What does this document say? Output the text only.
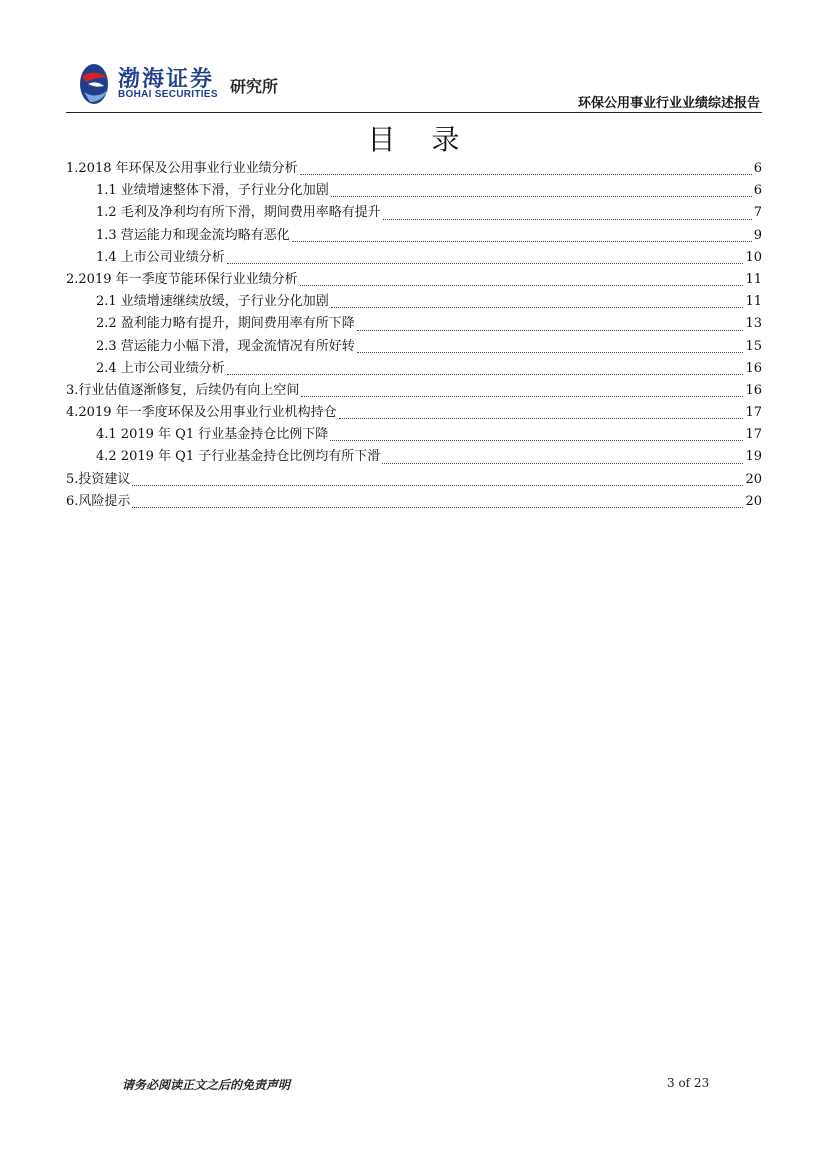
渤海证券
BOHAI SECURITIES 研究所
环保公用事业行业业绩综述报告
目录
1.2018 年环保及公用事业行业业绩分析	6
1.1 业绩增速整体下滑，子行业分化加剧	6
1.2 毛利及净利均有所下滑，期间费用率略有提升	7
1.3 营运能力和现金流均略有恶化	9
1.4 上市公司业绩分析	10
2.2019 年一季度节能环保行业业绩分析	11
2.1 业绩增速继续放缓，子行业分化加剧	11
2.2 盈利能力略有提升，期间费用率有所下降	13
2.3 营运能力小幅下滑，现金流情况有所好转	15
2.4 上市公司业绩分析	16
3.行业估值逐渐修复，后续仍有向上空间	16
4.2019 年一季度环保及公用事业行业机构持仓	17
4.1 2019 年 Q1 行业基金持仓比例下降	17
4.2 2019 年 Q1 子行业基金持仓比例均有所下滑	19
5.投资建议	20
6.风险提示	20
请务必阅读正文之后的免责声明	3 of 23
